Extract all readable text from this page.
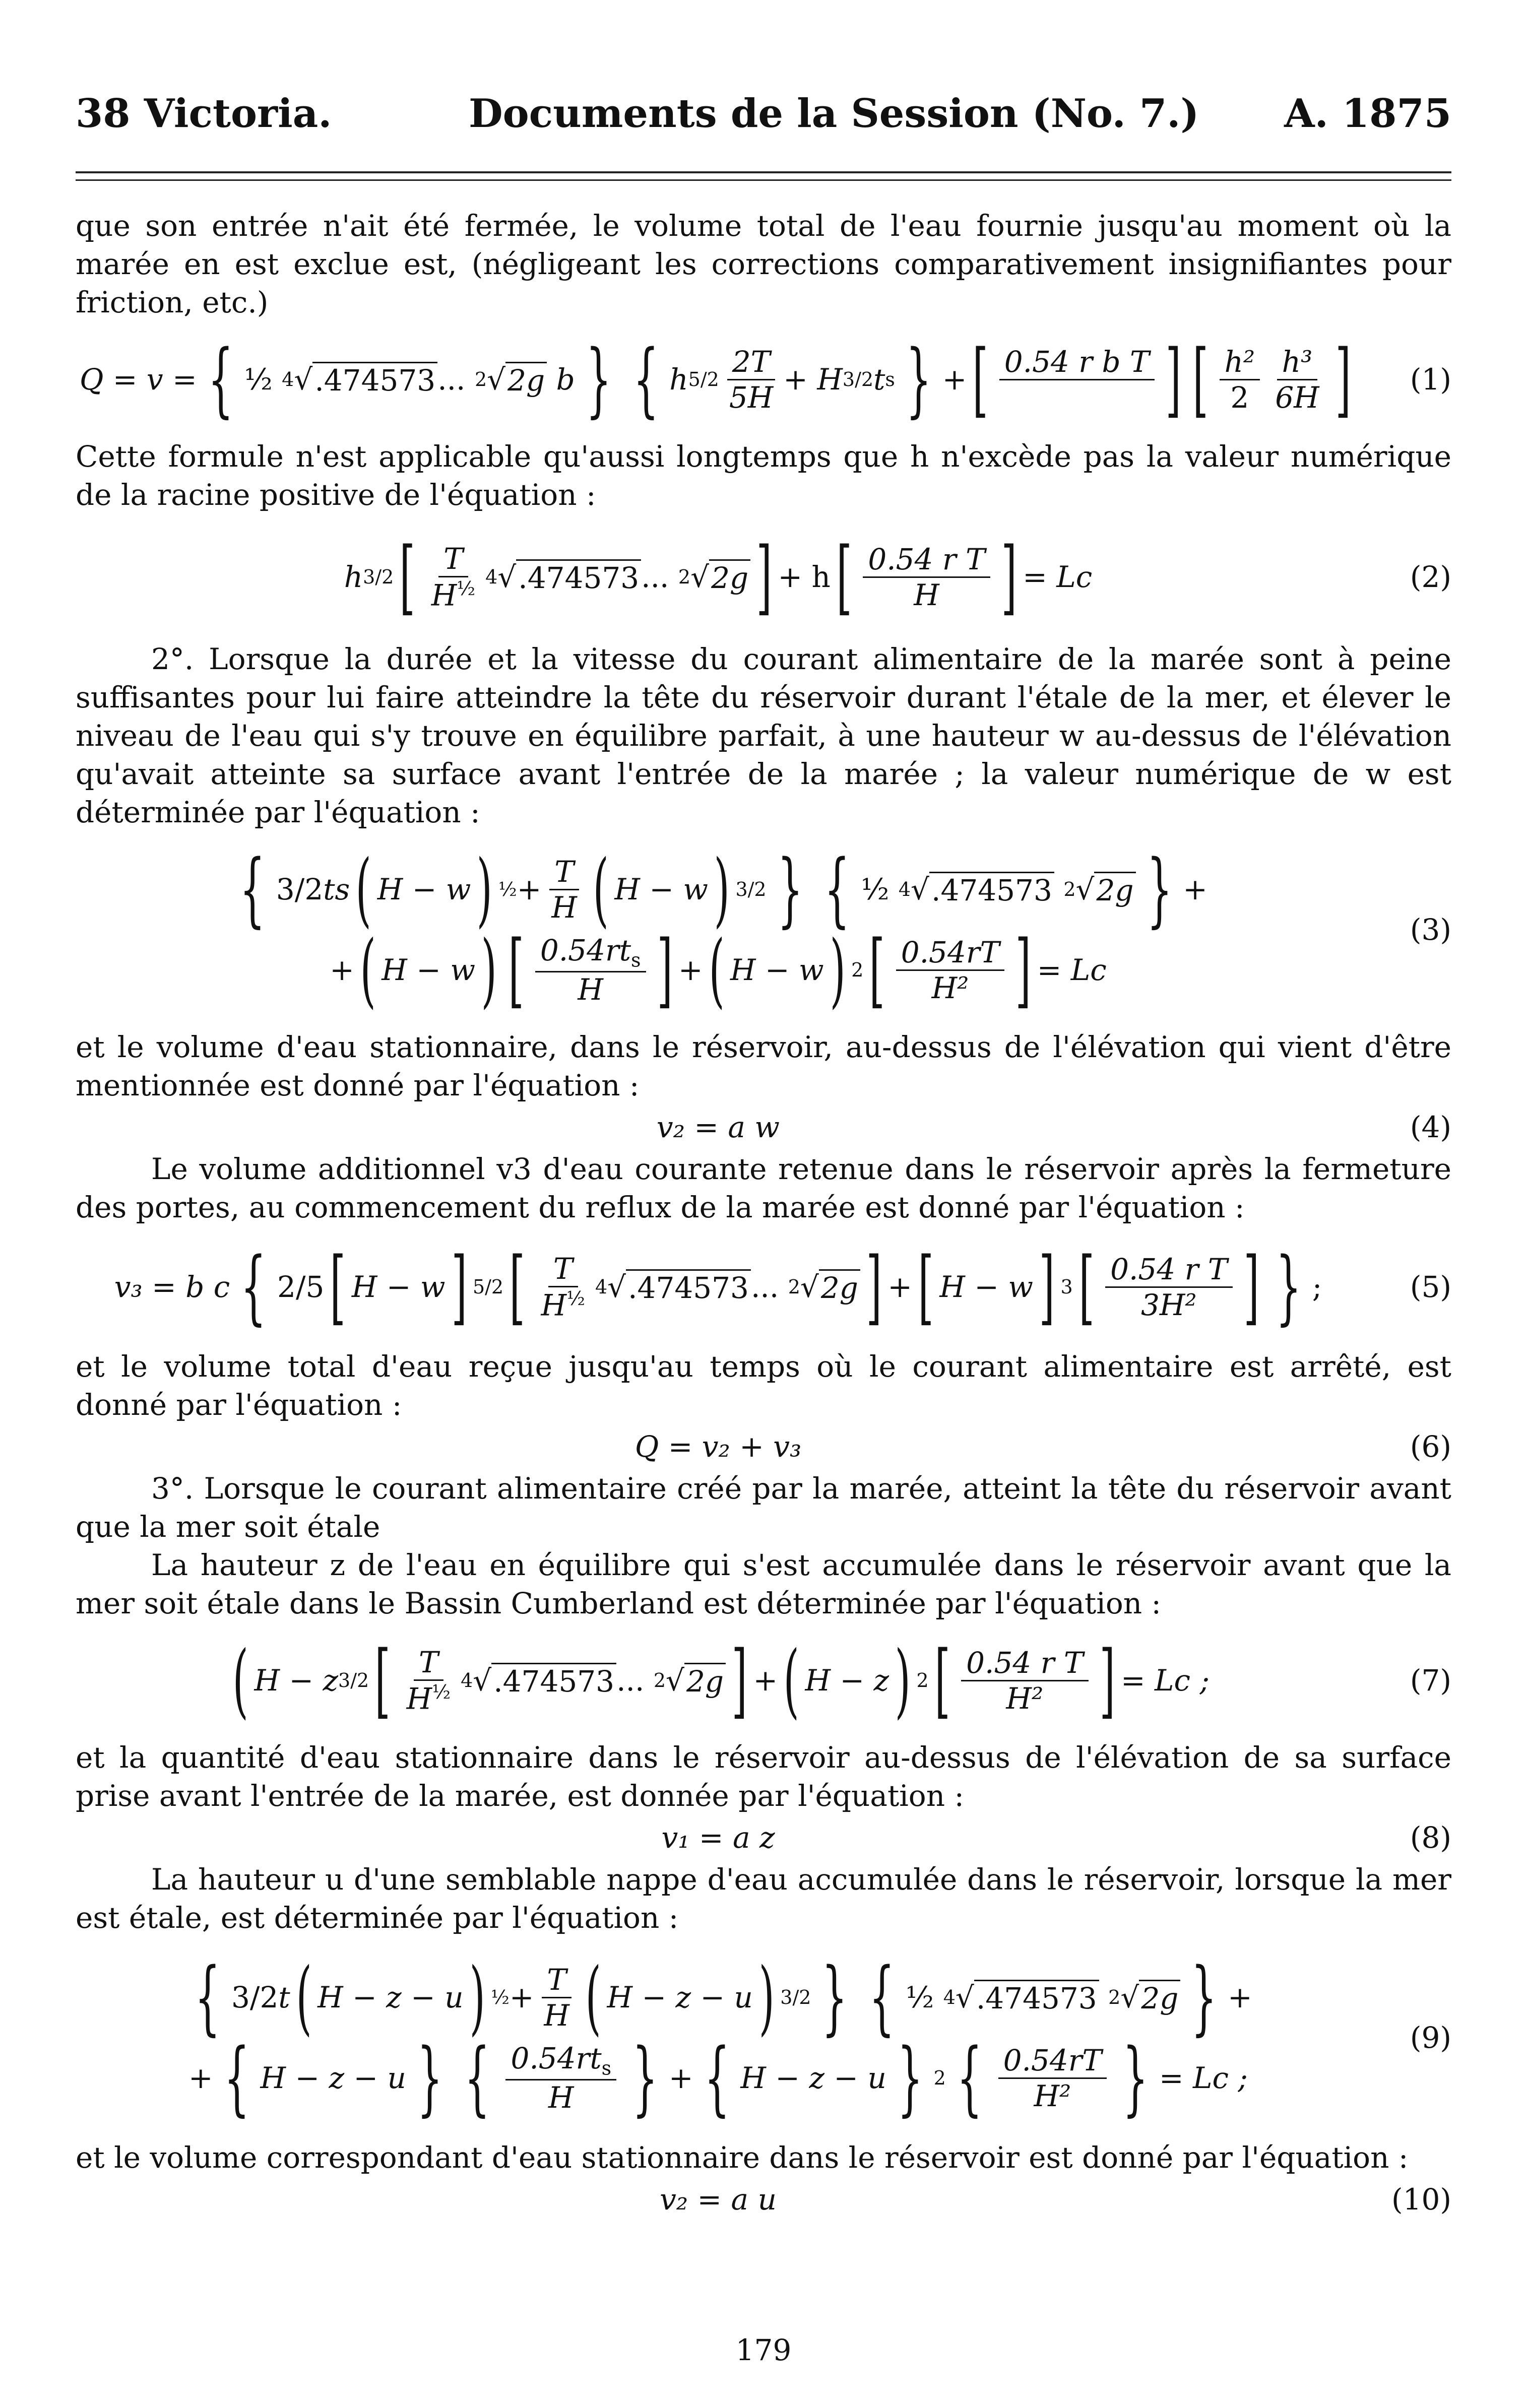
38 Victoria.	Documents de la Session (No. 7.) A. 1875

que son entrée n'ait été fermée, le volume total de l'eau fournie jusqu'au moment où la marée en est exclue est, (négligeant les corrections comparativement insignifiantes pour friction, etc.)

Q = v = { ½
4 √ .474573 ...
2 √ 2g
b } { h $5/2 \frac{2T}{5H} + H$ 3/2 t s } + [ 0.54 r b T
] [ $\frac{\text{h²}}{2} \frac{\text{h³}}{6H}$ ]	(1)

Cette formule n'est applicable qu'aussi longtemps que h n'excède pas la valeur numérique de la racine positive de l'équation :

h 3/2 [ $\frac{T}{H^{\frac{1}{2}}} 4$ √ .474573 ...
2 √ 2g ] + h [ $\frac{\text{0.54 r T}}{H}$ ] = Lc	(2)

2°. Lorsque la durée et la vitesse du courant alimentaire de la marée sont à peine suffisantes pour lui faire atteindre la tête du réservoir durant l'étale de la mer, et élever le niveau de l'eau qui s'y trouve en équilibre parfait, à une hauteur w au-dessus de l'élévation qu'avait atteinte sa surface avant l'entrée de la marée ; la valeur numérique de w est déterminée par l'équation :

{ 3/2 ts ( H − w ) ½ + $\frac{T}{H}$ ( H − w ) 3/2 } { ½
4 √ .474573
2 √ 2g } +
+ ( H − w ) [ $\frac{0.54rt_s}{H}$ ] + ( H − w ) 2 [ $\frac{0.54rT}{\text{H²}}$ ] = Lc
(3)

et le volume d'eau stationnaire, dans le réservoir, au-dessus de l'élévation qui vient d'être mentionnée est donné par l'équation :

v₂ = a w	(4)

Le volume additionnel v3 d'eau courante retenue dans le réservoir après la fermeture des portes, au commencement du reflux de la marée est donné par l'équation :

v₃ = b c { 2/5 [ H − w ] 5/2 [ $\frac{T}{H^{\frac{1}{2}}} 4$ √ .474573 ...
2 √ 2g ] + [ H − w ] 3 [ $\frac{\text{0.54 r T}}{\text{3H²}}$ ] } ;	(5)

et le volume total d'eau reçue jusqu'au temps où le courant alimentaire est arrêté, est donné par l'équation :

Q = v₂ + v₃	(6)

3°. Lorsque le courant alimentaire créé par la marée, atteint la tête du réservoir avant que la mer soit étale

La hauteur z de l'eau en équilibre qui s'est accumulée dans le réservoir avant que la mer soit étale dans le Bassin Cumberland est déterminée par l'équation :

( H − z 3/2 [ $\frac{T}{H^{\frac{1}{2}}} 4$ √ .474573 ...
2 √ 2g ] + ( H − z ) 2 [ $\frac{\text{0.54 r T}}{\text{H²}}$ ] = Lc ;	(7)

et la quantité d'eau stationnaire dans le réservoir au-dessus de l'élévation de sa surface prise avant l'entrée de la marée, est donnée par l'équation :

v₁ = a z	(8)

La hauteur u d'une semblable nappe d'eau accumulée dans le réservoir, lorsque la mer est étale, est déterminée par l'équation :

{ 3/2 t ( H − z − u ) ½ + $\frac{T}{H}$ ( H − z − u ) 3/2 } { ½
4 √ .474573
2 √ 2g } +
+ { H − z − u } { $\frac{0.54rt_s}{H}$ } + { H − z − u } 2 { $\frac{0.54rT}{\text{H²}}$ } = Lc ;
(9)

et le volume correspondant d'eau stationnaire dans le réservoir est donné par l'équation :

v₂ = a u	(10)
179
